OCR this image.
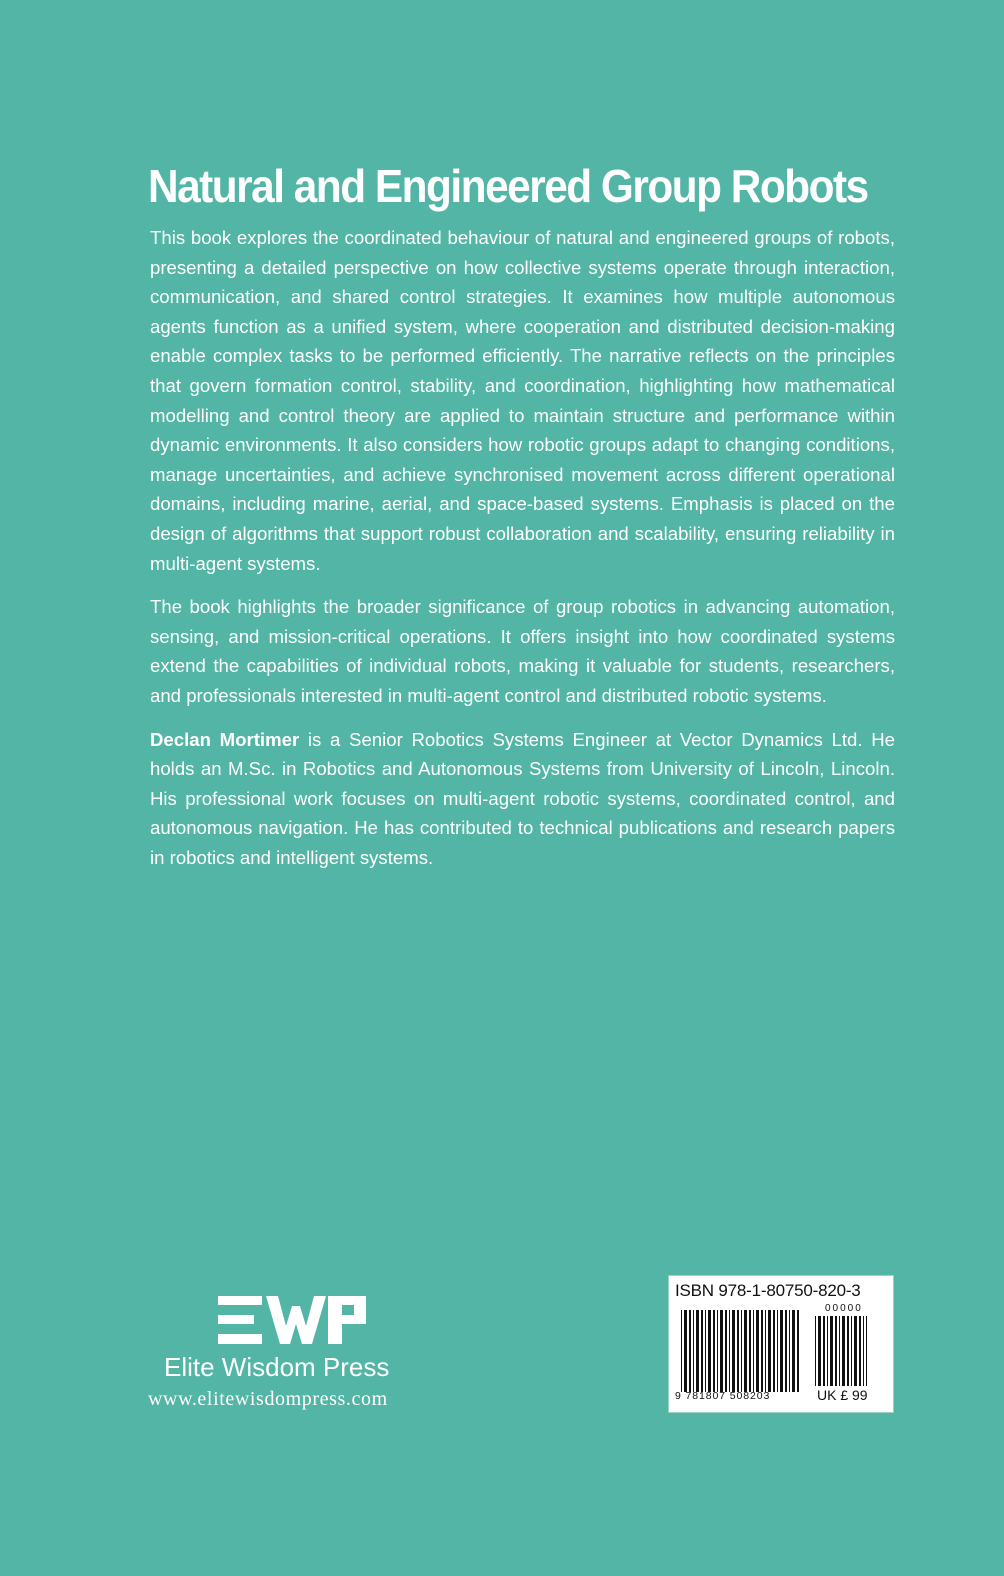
Natural and Engineered Group Robots

This book explores the coordinated behaviour of natural and engineered groups of robots, presenting a detailed perspective on how collective systems operate through interaction, communication, and shared control strategies. It examines how multiple autonomous agents function as a unified system, where cooperation and distributed decision-making enable complex tasks to be performed efficiently. The narrative reflects on the principles that govern formation control, stability, and coordination, highlighting how mathematical modelling and control theory are applied to maintain structure and performance within dynamic environments. It also considers how robotic groups adapt to changing conditions, manage uncertainties, and achieve synchronised movement across different operational domains, including marine, aerial, and space-based systems. Emphasis is placed on the design of algorithms that support robust collaboration and scalability, ensuring reliability in multi-agent systems.

The book highlights the broader significance of group robotics in advancing automation, sensing, and mission-critical operations. It offers insight into how coordinated systems extend the capabilities of individual robots, making it valuable for students, researchers, and professionals interested in multi-agent control and distributed robotic systems.

Declan Mortimer is a Senior Robotics Systems Engineer at Vector Dynamics Ltd. He holds an M.Sc. in Robotics and Autonomous Systems from University of Lincoln, Lincoln. His professional work focuses on multi-agent robotic systems, coordinated control, and autonomous navigation. He has contributed to technical publications and research papers in robotics and intelligent systems.

Elite Wisdom Press
www.elitewisdompress.com
ISBN 978-1-80750-820-3
00000
9 781807 508203	UK £ 99
